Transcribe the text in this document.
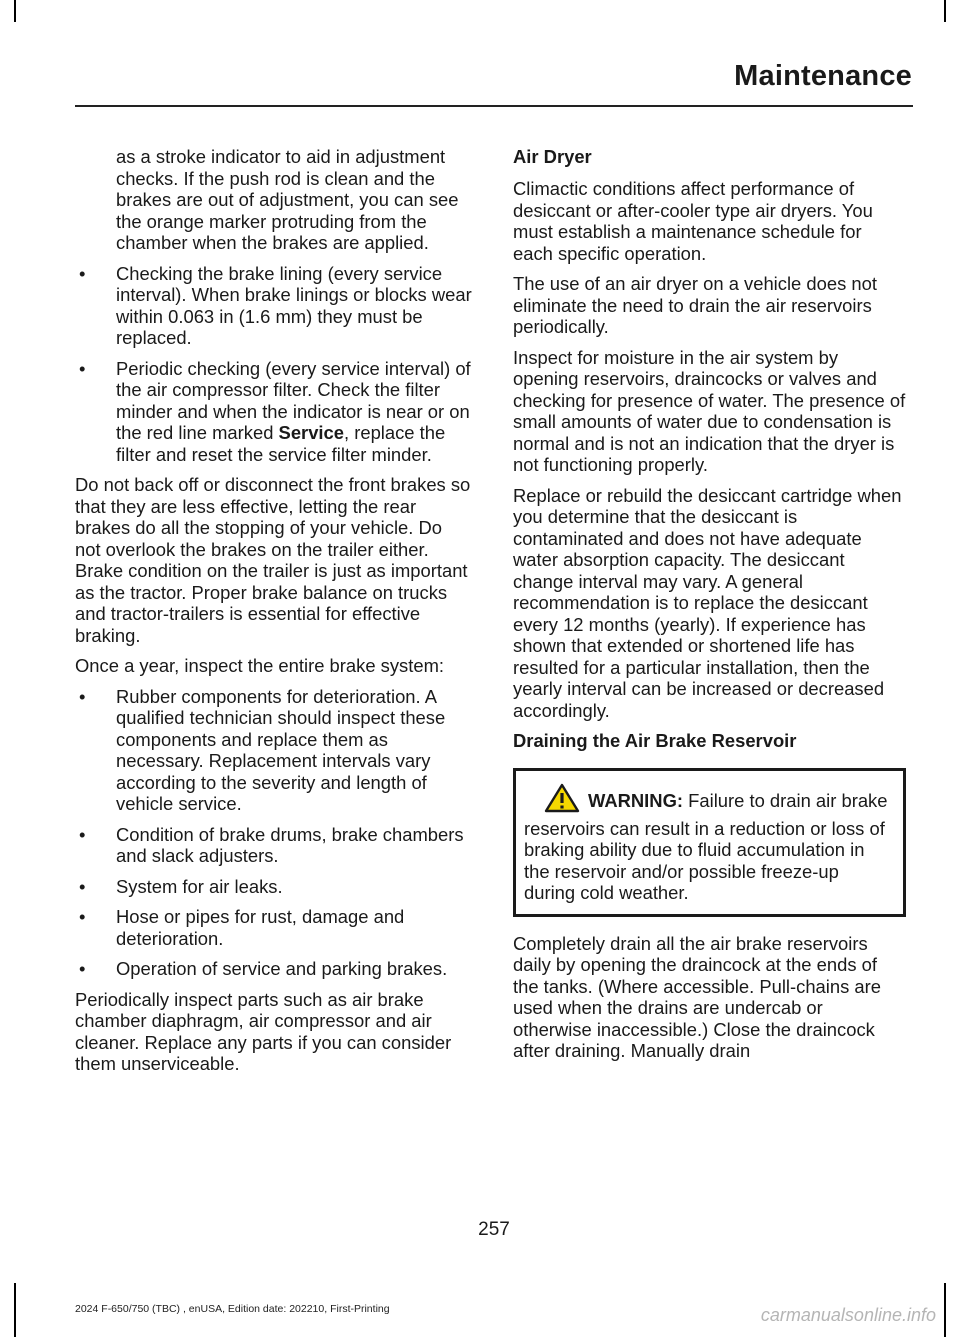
Maintenance

as a stroke indicator to aid in adjustment checks. If the push rod is clean and the brakes are out of adjustment, you can see the orange marker protruding from the chamber when the brakes are applied.

• Checking the brake lining (every service interval). When brake linings or blocks wear within 0.063 in (1.6 mm) they must be replaced.
• Periodic checking (every service interval) of the air compressor filter. Check the filter minder and when the indicator is near or on the red line marked Service, replace the filter and reset the service filter minder.

Do not back off or disconnect the front brakes so that they are less effective, letting the rear brakes do all the stopping of your vehicle. Do not overlook the brakes on the trailer either. Brake condition on the trailer is just as important as the tractor. Proper brake balance on trucks and tractor-trailers is essential for effective braking.

Once a year, inspect the entire brake system:

• Rubber components for deterioration. A qualified technician should inspect these components and replace them as necessary. Replacement intervals vary according to the severity and length of vehicle service.
• Condition of brake drums, brake chambers and slack adjusters.
• System for air leaks.
• Hose or pipes for rust, damage and deterioration.
• Operation of service and parking brakes.

Periodically inspect parts such as air brake chamber diaphragm, air compressor and air cleaner. Replace any parts if you can consider them unserviceable.

Air Dryer

Climactic conditions affect performance of desiccant or after-cooler type air dryers. You must establish a maintenance schedule for each specific operation.

The use of an air dryer on a vehicle does not eliminate the need to drain the air reservoirs periodically.

Inspect for moisture in the air system by opening reservoirs, draincocks or valves and checking for presence of water. The presence of small amounts of water due to condensation is normal and is not an indication that the dryer is not functioning properly.

Replace or rebuild the desiccant cartridge when you determine that the desiccant is contaminated and does not have adequate water absorption capacity. The desiccant change interval may vary. A general recommendation is to replace the desiccant every 12 months (yearly). If experience has shown that extended or shortened life has resulted for a particular installation, then the yearly interval can be increased or decreased accordingly.

Draining the Air Brake Reservoir

WARNING: Failure to drain air brake reservoirs can result in a reduction or loss of braking ability due to fluid accumulation in the reservoir and/or possible freeze-up during cold weather.

Completely drain all the air brake reservoirs daily by opening the draincock at the ends of the tanks. (Where accessible. Pull-chains are used when the drains are undercab or otherwise inaccessible.) Close the draincock after draining. Manually drain

257
2024 F-650/750 (TBC) , enUSA, Edition date: 202210, First-Printing	carmanualsonline.info
